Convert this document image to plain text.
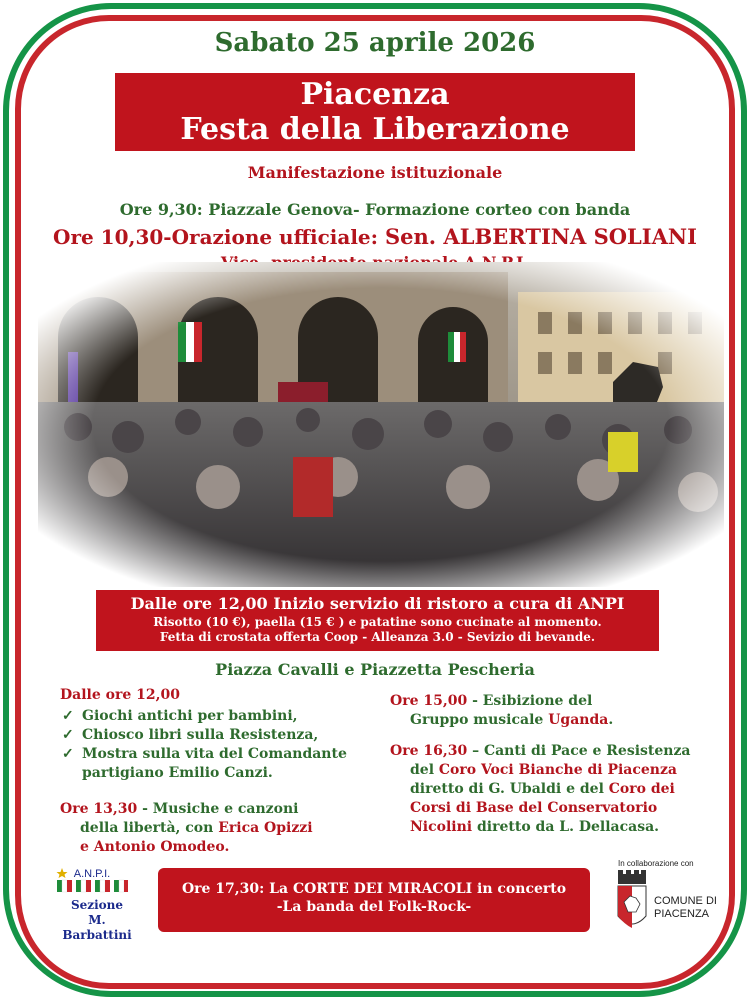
Sabato 25 aprile 2026
Piacenza
Festa della Liberazione
Manifestazione istituzionale
Ore 9,30: Piazzale Genova- Formazione corteo con banda
Ore 10,30-Orazione ufficiale: Sen. ALBERTINA SOLIANI
Dalle ore 12,00 Inizio servizio di ristoro a cura di ANPI
Risotto (10 €), paella (15 € ) e patatine sono cucinate al momento.
Fetta di crostata offerta Coop - Alleanza 3.0 - Sevizio di bevande.
Piazza Cavalli e Piazzetta Pescheria
Dalle ore 12,00
✓ Giochi antichi per bambini,
✓ Chiosco libri sulla Resistenza,
✓ Mostra sulla vita del Comandante
partigiano Emilio Canzi.
Ore 13,30 - Musiche e canzoni
della libertà, con Erica Opizzi
e Antonio Omodeo.
Ore 15,00 - Esibizione del
Gruppo musicale Uganda.
Ore 16,30 – Canti di Pace e Resistenza
del Coro Voci Bianche di Piacenza
diretto di G. Ubaldi e del Coro dei
Corsi di Base del Conservatorio
Nicolini diretto da L. Dellacasa.
A.N.P.I.
Sezione
M. Barbattini
Ore 17,30: La CORTE DEI MIRACOLI in concerto
-La banda del Folk-Rock-
In collaborazione con
COMUNE DI
PIACENZA
